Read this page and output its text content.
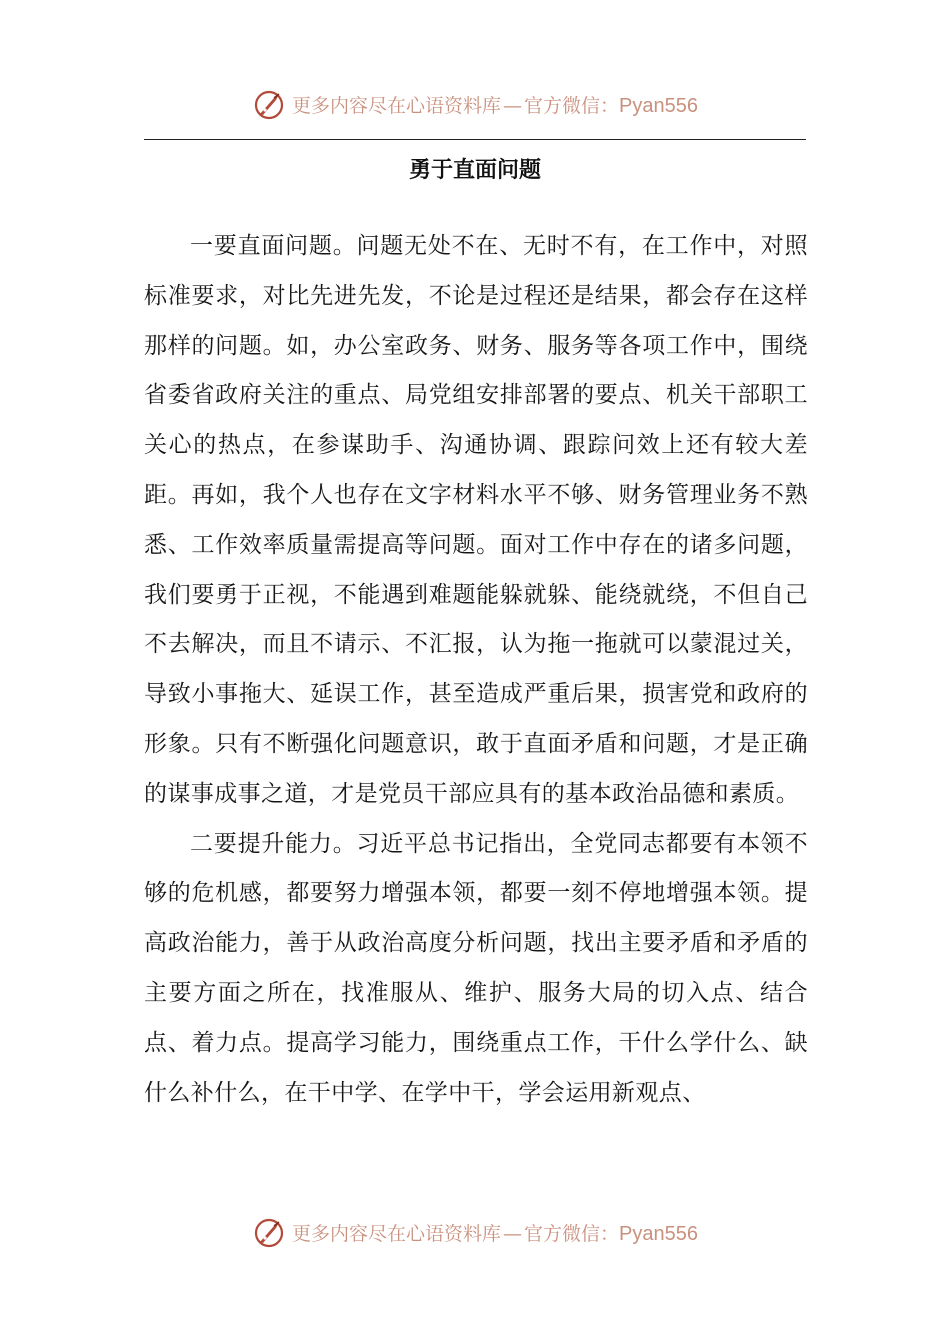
更多内容尽在心语资料库 — 官方微信：Pyan556
勇于直面问题

一要直面问题。问题无处不在、无时不有，在工作中，对照标准要求，对比先进先发，不论是过程还是结果，都会存在这样那样的问题。如，办公室政务、财务、服务等各项工作中，围绕省委省政府关注的重点、局党组安排部署的要点、机关干部职工关心的热点，在参谋助手、沟通协调、跟踪问效上还有较大差距。再如，我个人也存在文字材料水平不够、财务管理业务不熟悉、工作效率质量需提高等问题。面对工作中存在的诸多问题，我们要勇于正视，不能遇到难题能躲就躲、能绕就绕，不但自己不去解决，而且不请示、不汇报，认为拖一拖就可以蒙混过关，导致小事拖大、延误工作，甚至造成严重后果，损害党和政府的形象。只有不断强化问题意识，敢于直面矛盾和问题，才是正确的谋事成事之道，才是党员干部应具有的基本政治品德和素质。

二要提升能力。习近平总书记指出，全党同志都要有本领不够的危机感，都要努力增强本领，都要一刻不停地增强本领。提高政治能力，善于从政治高度分析问题，找出主要矛盾和矛盾的主要方面之所在，找准服从、维护、服务大局的切入点、结合点、着力点。提高学习能力，围绕重点工作，干什么学什么、缺什么补什么，在干中学、在学中干，学会运用新观点、

更多内容尽在心语资料库 — 官方微信：Pyan556
